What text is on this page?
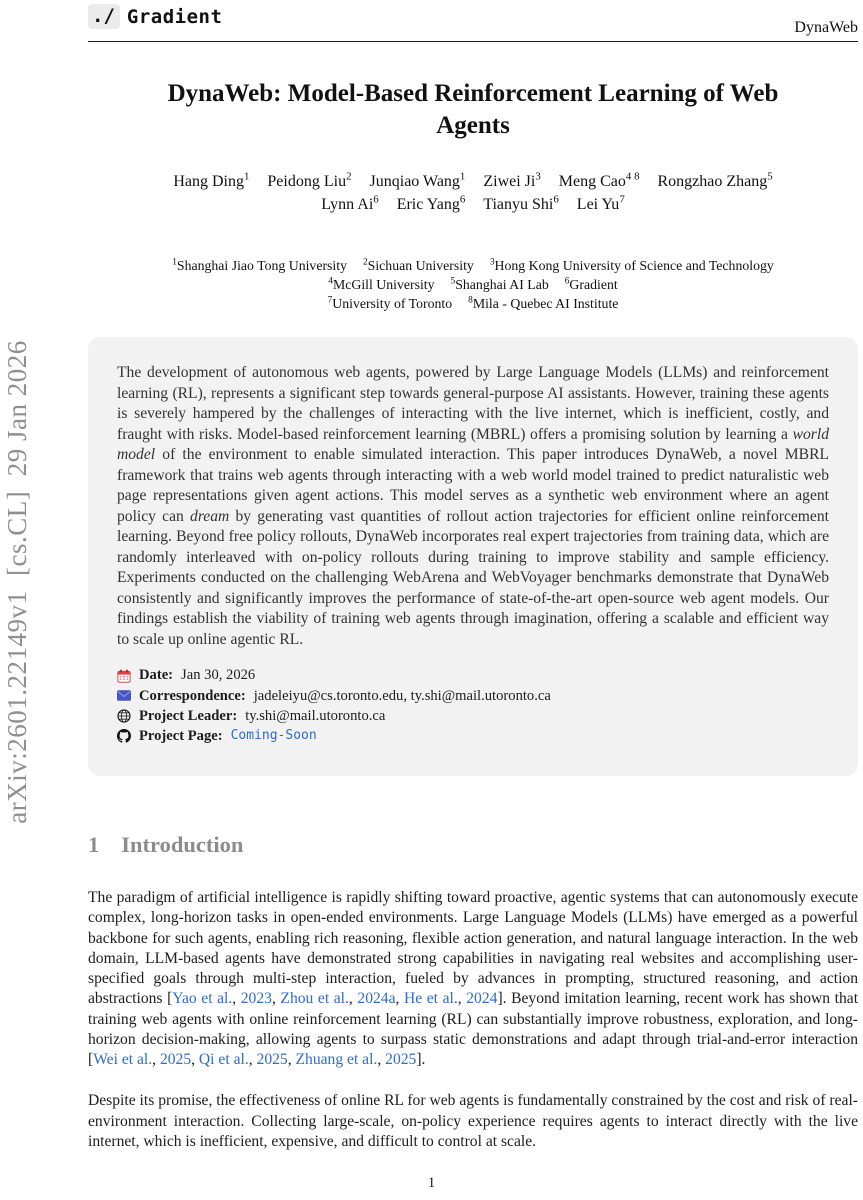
arXiv:2601.22149v1  [cs.CL]  29 Jan 2026
./ Gradient	DynaWeb
DynaWeb: Model-Based Reinforcement Learning of Web Agents
Hang Ding$^1$ Peidong Liu$^2$ Junqiao Wang$^1$ Ziwei Ji$^3$ Meng Cao$^{4 8}$ Rongzhao Zhang$^5$
Lynn Ai$^6$ Eric Yang$^6$ Tianyu Shi$^6$ Lei Yu$^7$
$^1$Shanghai Jiao Tong University $^2$Sichuan University $^3$Hong Kong University of Science and Technology
$^4$McGill University $^5$Shanghai AI Lab $^6$Gradient
$^7$University of Toronto $^8$Mila - Quebec AI Institute
The development of autonomous web agents, powered by Large Language Models (LLMs) and reinforcement learning (RL), represents a significant step towards general-purpose AI assistants. However, training these agents is severely hampered by the challenges of interacting with the live internet, which is inefficient, costly, and fraught with risks. Model-based reinforcement learning (MBRL) offers a promising solution by learning a world model of the environment to enable simulated interaction. This paper introduces DynaWeb, a novel MBRL framework that trains web agents through interacting with a web world model trained to predict naturalistic web page representations given agent actions. This model serves as a synthetic web environment where an agent policy can dream by generating vast quantities of rollout action trajectories for efficient online reinforcement learning. Beyond free policy rollouts, DynaWeb incorporates real expert trajectories from training data, which are randomly interleaved with on-policy rollouts during training to improve stability and sample efficiency. Experiments conducted on the challenging WebArena and WebVoyager benchmarks demonstrate that DynaWeb consistently and significantly improves the performance of state-of-the-art open-source web agent models. Our findings establish the viability of training web agents through imagination, offering a scalable and efficient way to scale up online agentic RL.
Date: Jan 30, 2026
Correspondence: jadeleiyu@cs.toronto.edu, ty.shi@mail.utoronto.ca
Project Leader: ty.shi@mail.utoronto.ca
Project Page: Coming-Soon
1 Introduction

The paradigm of artificial intelligence is rapidly shifting toward proactive, agentic systems that can autonomously execute complex, long-horizon tasks in open-ended environments. Large Language Models (LLMs) have emerged as a powerful backbone for such agents, enabling rich reasoning, flexible action generation, and natural language interaction. In the web domain, LLM-based agents have demonstrated strong capabilities in navigating real websites and accomplishing user-specified goals through multi-step interaction, fueled by advances in prompting, structured reasoning, and action abstractions [Yao et al., 2023, Zhou et al., 2024a, He et al., 2024]. Beyond imitation learning, recent work has shown that training web agents with online reinforcement learning (RL) can substantially improve robustness, exploration, and long-horizon decision-making, allowing agents to surpass static demonstrations and adapt through trial-and-error interaction [Wei et al., 2025, Qi et al., 2025, Zhuang et al., 2025].

Despite its promise, the effectiveness of online RL for web agents is fundamentally constrained by the cost and risk of real-environment interaction. Collecting large-scale, on-policy experience requires agents to interact directly with the live internet, which is inefficient, expensive, and difficult to control at scale.

1
